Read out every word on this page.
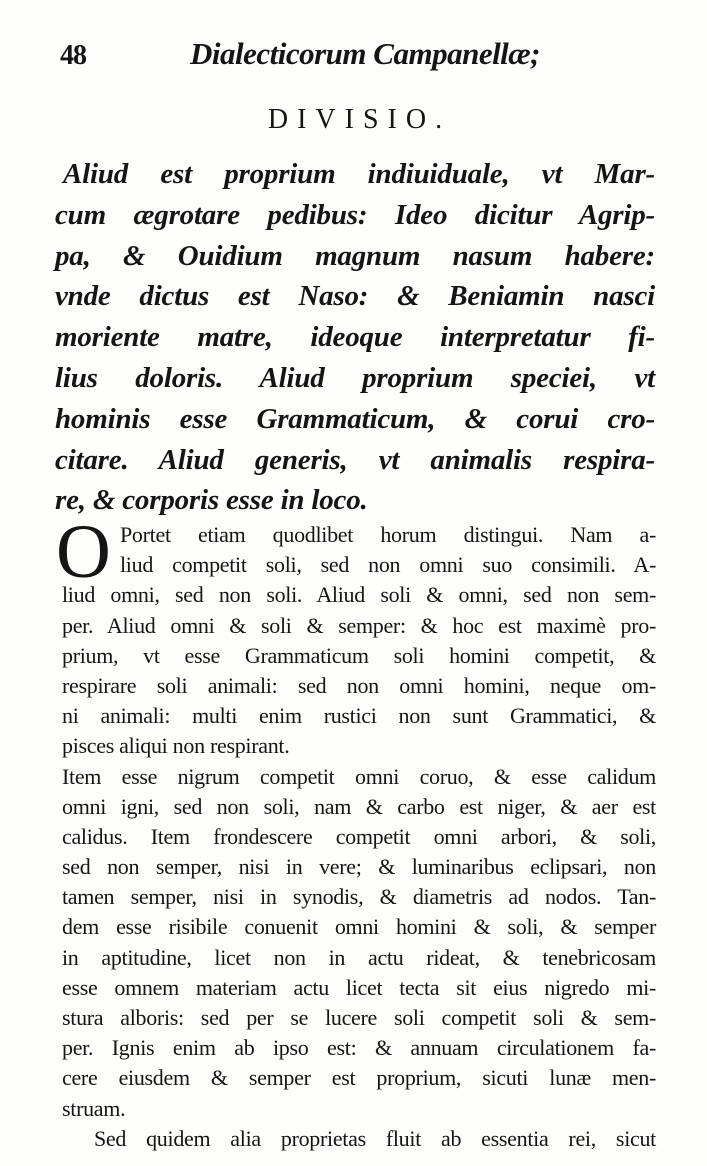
48	Dialecticorum Campanellæ;
DIVISIO.
Aliud est proprium indiuiduale, vt Mar-
cum ægrotare pedibus: Ideo dicitur Agrip-
pa, & Ouidium magnum nasum habere:
vnde dictus est Naso: & Beniamin nasci
moriente matre, ideoque interpretatur fi-
lius doloris. Aliud proprium speciei, vt
hominis esse Grammaticum, & corui cro-
citare. Aliud generis, vt animalis respira-
re, & corporis esse in loco.
O Portet etiam quodlibet horum distingui. Nam a-
liud competit soli, sed non omni suo consimili. A-
liud omni, sed non soli. Aliud soli & omni, sed non sem-
per. Aliud omni & soli & semper: & hoc est maximè pro-
prium, vt esse Grammaticum soli homini competit, &
respirare soli animali: sed non omni homini, neque om-
ni animali: multi enim rustici non sunt Grammatici, &
pisces aliqui non respirant.
Item esse nigrum competit omni coruo, & esse calidum
omni igni, sed non soli, nam & carbo est niger, & aer est
calidus. Item frondescere competit omni arbori, & soli,
sed non semper, nisi in vere; & luminaribus eclipsari, non
tamen semper, nisi in synodis, & diametris ad nodos. Tan-
dem esse risibile conuenit omni homini & soli, & semper
in aptitudine, licet non in actu rideat, & tenebricosam
esse omnem materiam actu licet tecta sit eius nigredo mi-
stura alboris: sed per se lucere soli competit soli & sem-
per. Ignis enim ab ipso est: & annuam circulationem fa-
cere eiusdem & semper est proprium, sicuti lunæ men-
struam.
Sed quidem alia proprietas fluit ab essentia rei, sicut
